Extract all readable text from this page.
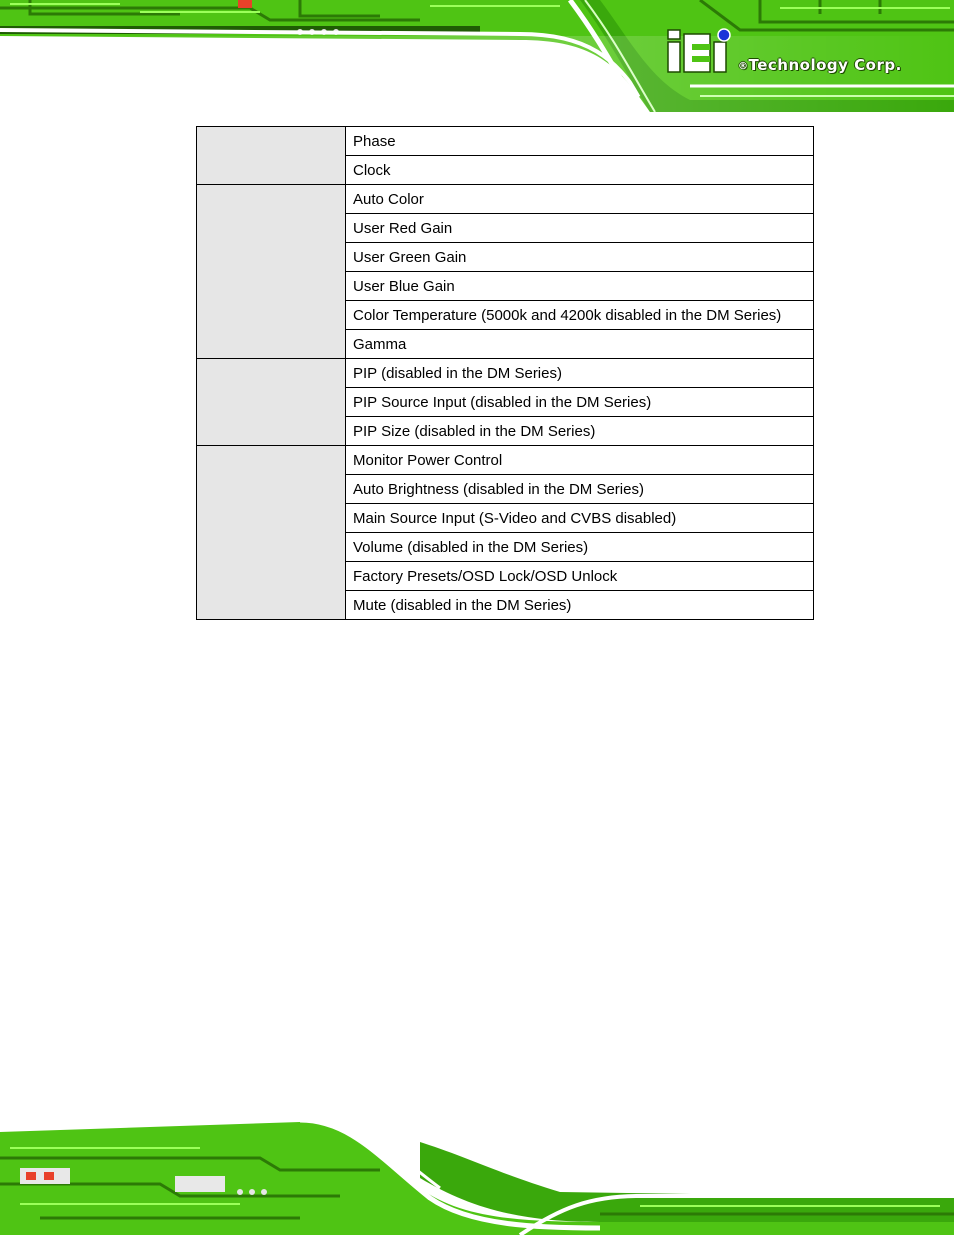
®Technology Corp.
	Phase
	Clock
	Auto Color
	User Red Gain
	User Green Gain
	User Blue Gain
	Color Temperature (5000k and 4200k disabled in the DM Series)
	Gamma
	PIP (disabled in the DM Series)
	PIP Source Input (disabled in the DM Series)
	PIP Size (disabled in the DM Series)
	Monitor Power Control
	Auto Brightness (disabled in the DM Series)
	Main Source Input (S-Video and CVBS disabled)
	Volume (disabled in the DM Series)
	Factory Presets/OSD Lock/OSD Unlock
	Mute (disabled in the DM Series)
